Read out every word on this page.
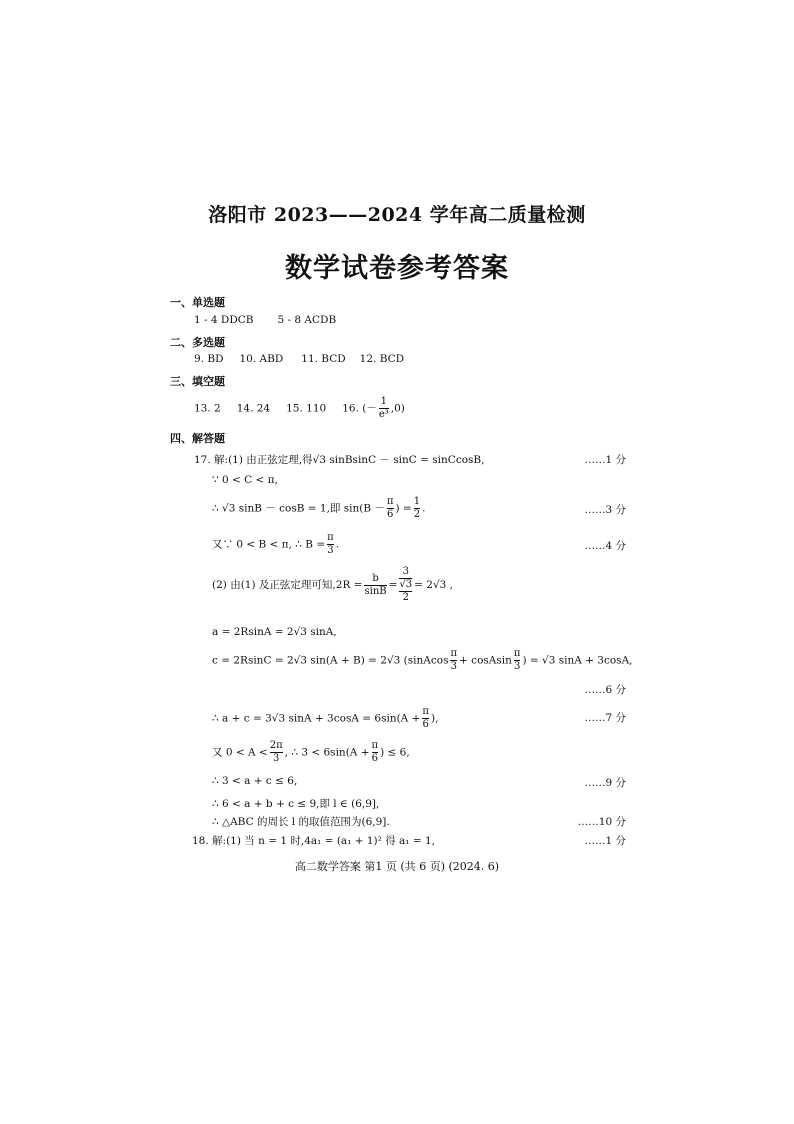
洛阳市 2023——2024 学年高二质量检测
数学试卷参考答案
一、单选题
1 - 4 DDCB 5 - 8 ACDB
二、多选题
9. BD 10. ABD 11. BCD 12. BCD
三、填空题
13. 2 14. 24 15. 110 16. (－ $\frac{1}{\text{e³}} ,0$)
四、解答题
17. 解:(1) 由正弦定理,得√3 sinBsinC － sinC = sinCcosB,	……1 分
∵ 0 < C < π,
∴ √3 sinB － cosB = 1,即 $\sin(B - \frac{\pi}{6}$ ) = $\frac{1}{2}$ .	……3 分
又∵ 0 < B < π, ∴ $B = \frac{\pi}{3}$ .	……4 分
(2) 由(1) 及正弦定理可知$,2R = \frac{b}{\sin B} = \frac{3}{\frac{√3}{2}} = 2√3$ ,
a = 2RsinA = 2√3 sinA,
c = 2RsinC = 2√3 sin(A + B) = 2√3 (sinAcos $\frac{\pi}{3}$ + cosAsin $\frac{\pi}{3}$ ) = √3 sinA + 3cosA,
……6 分
∴ a + c = 3√3 $\sin A + 3\cos A = 6\sin(A + \frac{\pi}{6}$ ),	……7 分
又 $0 < A < \frac{2\pi}{3}$ , ∴ $3 < 6\sin(A + \frac{\pi}{6}$ ) ≤ 6,
∴ 3 < a + c ≤ 6,	……9 分
∴ 6 < a + b + c ≤ 9,即 l ∈ (6,9],
∴ △ABC 的周长 l 的取值范围为(6,9].	……10 分
18. 解:(1) 当 n = 1 时,4a₁ = (a₁ + 1)² 得 a₁ = 1,	……1 分
高二数学答案 第1 页 (共 6 页) (2024. 6)
